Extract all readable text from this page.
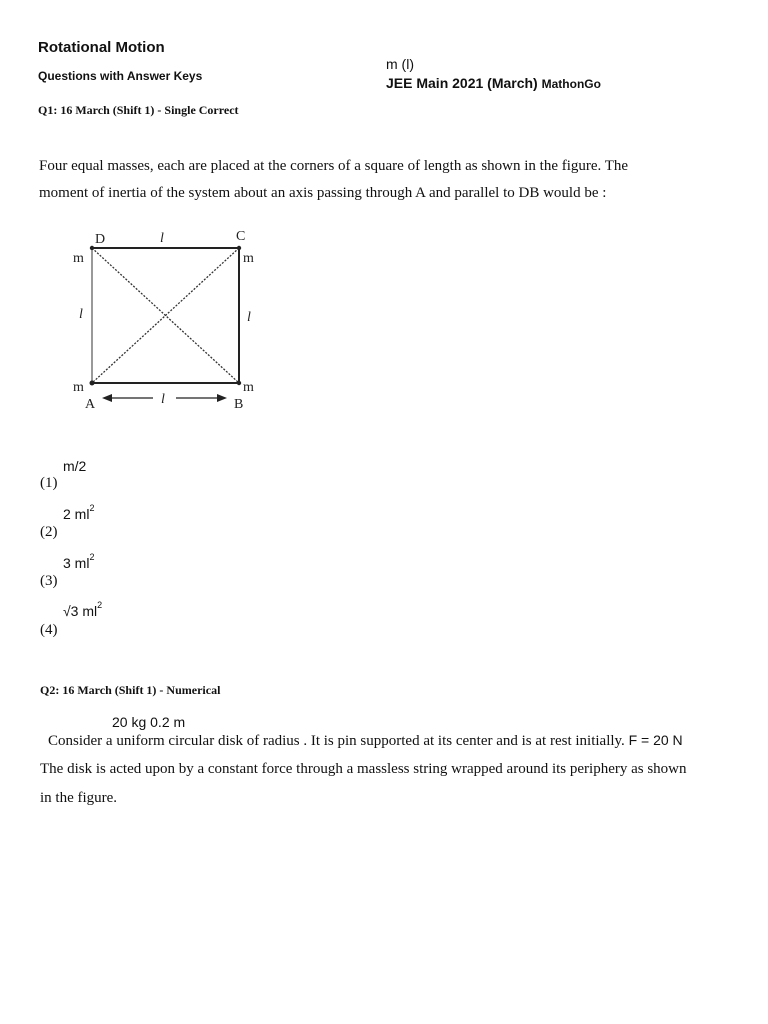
Rotational Motion
Questions with Answer Keys
m (l)
JEE Main 2021 (March) MathonGo
Q1: 16 March (Shift 1) - Single Correct
Four equal masses, each are placed at the corners of a square of length as shown in the figure. The
moment of inertia of the system about an axis passing through A and parallel to DB would be :
D	C
A	B
m	m
m	m
l
l	l
l
m/2
(1)
2 $ml^2$
(2)
3 $ml^2$
(3)
√3 $ml^2$
(4)
Q2: 16 March (Shift 1) - Numerical
20 kg 0.2 m
Consider a uniform circular disk of radius . It is pin supported at its center and is at rest initially. F = 20 N
The disk is acted upon by a constant force through a massless string wrapped around its periphery as shown
in the figure.
